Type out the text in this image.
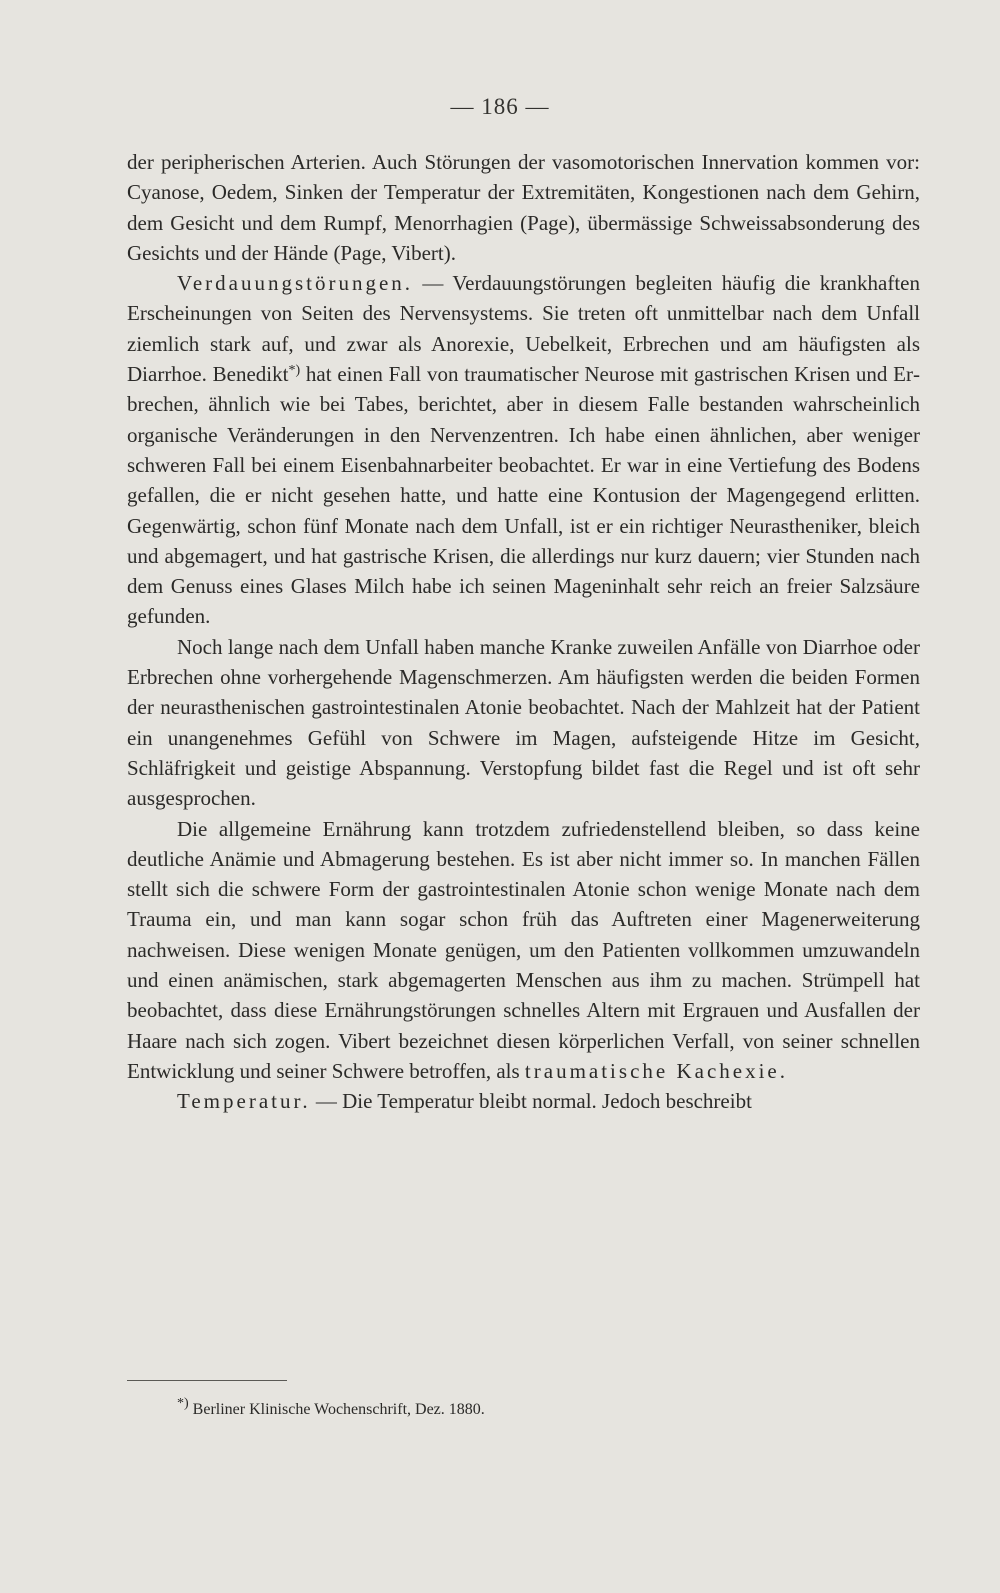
— 186 —

der peripherischen Arterien. Auch Störungen der vasomotorischen Innervation kommen vor: Cyanose, Oedem, Sinken der Temperatur der Extremitäten, Kongestionen nach dem Gehirn, dem Gesicht und dem Rumpf, Menorrhagien (Page), übermässige Schweissabsonderung des Gesichts und der Hände (Page, Vibert).

Verdauungstörungen. — Verdauungstörungen begleiten häufig die krankhaften Erscheinungen von Seiten des Nervensystems. Sie treten oft unmittelbar nach dem Unfall ziemlich stark auf, und zwar als Anorexie, Uebelkeit, Erbrechen und am häufigsten als Diarrhoe. Benedikt*) hat einen Fall von traumatischer Neurose mit gastrischen Krisen und Erbrechen, ähnlich wie bei Tabes, berichtet, aber in diesem Falle bestanden wahrscheinlich organische Veränderungen in den Nervenzentren. Ich habe einen ähnlichen, aber weniger schweren Fall bei einem Eisenbahnarbeiter beobachtet. Er war in eine Vertiefung des Bodens gefallen, die er nicht gesehen hatte, und hatte eine Kontusion der Magengegend erlitten. Gegenwärtig, schon fünf Monate nach dem Unfall, ist er ein richtiger Neurastheniker, bleich und abgemagert, und hat gastrische Krisen, die allerdings nur kurz dauern; vier Stunden nach dem Genuss eines Glases Milch habe ich seinen Mageninhalt sehr reich an freier Salzsäure gefunden.

Noch lange nach dem Unfall haben manche Kranke zuweilen Anfälle von Diarrhoe oder Erbrechen ohne vorhergehende Magenschmerzen. Am häufigsten werden die beiden Formen der neurasthenischen gastrointestinalen Atonie beobachtet. Nach der Mahlzeit hat der Patient ein unangenehmes Gefühl von Schwere im Magen, aufsteigende Hitze im Gesicht, Schläfrigkeit und geistige Abspannung. Verstopfung bildet fast die Regel und ist oft sehr ausgesprochen.

Die allgemeine Ernährung kann trotzdem zufriedenstellend bleiben, so dass keine deutliche Anämie und Abmagerung bestehen. Es ist aber nicht immer so. In manchen Fällen stellt sich die schwere Form der gastrointestinalen Atonie schon wenige Monate nach dem Trauma ein, und man kann sogar schon früh das Auftreten einer Magenerweiterung nachweisen. Diese wenigen Monate genügen, um den Patienten vollkommen umzuwandeln und einen anämischen, stark abgemagerten Menschen aus ihm zu machen. Strümpell hat beobachtet, dass diese Ernährungstörungen schnelles Altern mit Ergrauen und Ausfallen der Haare nach sich zogen. Vibert bezeichnet diesen körperlichen Verfall, von seiner schnellen Entwicklung und seiner Schwere betroffen, als traumatische Kachexie.

Temperatur. — Die Temperatur bleibt normal. Jedoch beschreibt

*) Berliner Klinische Wochenschrift, Dez. 1880.
